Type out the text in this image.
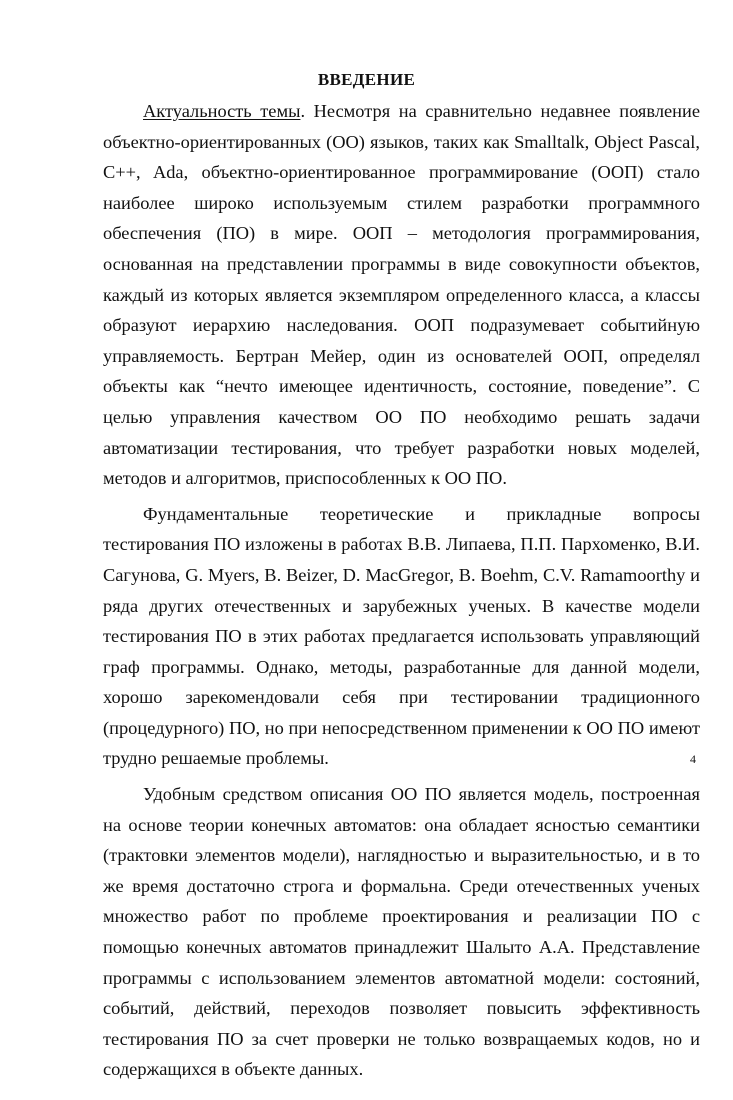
ВВЕДЕНИЕ

Актуальность темы. Несмотря на сравнительно недавнее появление объектно-ориентированных (ОО) языков, таких как Smalltalk, Object Pascal, C++, Ada, объектно-ориентированное программирование (ООП) стало наиболее широко используемым стилем разработки программного обеспечения (ПО) в мире. ООП – методология программирования, основанная на представлении программы в виде совокупности объектов, каждый из которых является экземпляром определенного класса, а классы образуют иерархию наследования. ООП подразумевает событийную управляемость. Бертран Мейер, один из основателей ООП, определял объекты как “нечто имеющее идентичность, состояние, поведение”. С целью управления качеством ОО ПО необходимо решать задачи автоматизации тестирования, что требует разработки новых моделей, методов и алгоритмов, приспособленных к ОО ПО.

Фундаментальные теоретические и прикладные вопросы тестирования ПО изложены в работах В.В. Липаева, П.П. Пархоменко, В.И. Сагунова, G. Myers, B. Beizer, D. MacGregor, B. Boehm, C.V. Ramamoorthy и ряда других отечественных и зарубежных ученых. В качестве модели тестирования ПО в этих работах предлагается использовать управляющий граф программы. Однако, методы, разработанные для данной модели, хорошо зарекомендовали себя при тестировании традиционного (процедурного) ПО, но при непосредственном применении к ОО ПО имеют трудно решаемые проблемы.

Удобным средством описания ОО ПО является модель, построенная на основе теории конечных автоматов: она обладает ясностью семантики (трактовки элементов модели), наглядностью и выразительностью, и в то же время достаточно строга и формальна. Среди отечественных ученых множество работ по проблеме проектирования и реализации ПО с помощью конечных автоматов принадлежит Шалыто А.А. Представление программы с использованием элементов автоматной модели: состояний, событий, действий, переходов позволяет повысить эффективность тестирования ПО за счет проверки не только возвращаемых кодов, но и содержащихся в объекте данных.

4
